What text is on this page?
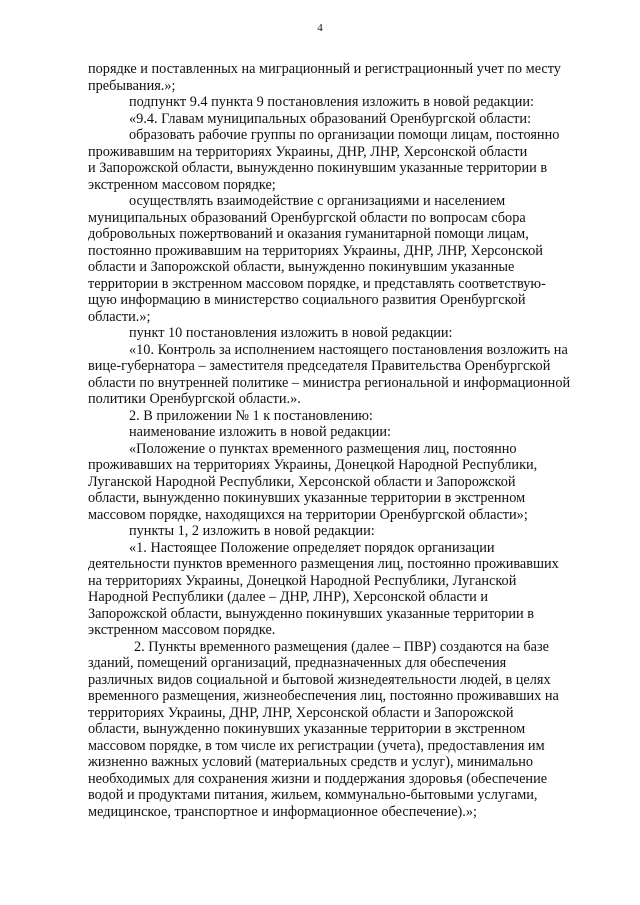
4
порядке и поставленных на миграционный и регистрационный учет по месту
пребывания.»;
подпункт 9.4 пункта 9 постановления изложить в новой редакции:
«9.4. Главам муниципальных образований Оренбургской области:
образовать рабочие группы по организации помощи лицам, постоянно
проживавшим на территориях Украины, ДНР, ЛНР, Херсонской области
и Запорожской области, вынужденно покинувшим указанные территории в
экстренном массовом порядке;
осуществлять взаимодействие с организациями и населением
муниципальных образований Оренбургской области по вопросам сбора
добровольных пожертвований и оказания гуманитарной помощи лицам,
постоянно проживавшим на территориях Украины, ДНР, ЛНР, Херсонской
области и Запорожской области, вынужденно покинувшим указанные
территории в экстренном массовом порядке, и представлять соответствую-
щую информацию в министерство социального развития Оренбургской
области.»;
пункт 10 постановления изложить в новой редакции:
«10. Контроль за исполнением настоящего постановления возложить на
вице-губернатора – заместителя председателя Правительства Оренбургской
области по внутренней политике – министра региональной и информационной
политики Оренбургской области.».
2. В приложении № 1 к постановлению:
наименование изложить в новой редакции:
«Положение о пунктах временного размещения лиц, постоянно
проживавших на территориях Украины, Донецкой Народной Республики,
Луганской Народной Республики, Херсонской области и Запорожской
области, вынужденно покинувших указанные территории в экстренном
массовом порядке, находящихся на территории Оренбургской области»;
пункты 1, 2 изложить в новой редакции:
«1. Настоящее Положение определяет порядок организации
деятельности пунктов временного размещения лиц, постоянно проживавших
на территориях Украины, Донецкой Народной Республики, Луганской
Народной Республики (далее – ДНР, ЛНР), Херсонской области и
Запорожской области, вынужденно покинувших указанные территории в
экстренном массовом порядке.
2. Пункты временного размещения (далее – ПВР) создаются на базе
зданий, помещений организаций, предназначенных для обеспечения
различных видов социальной и бытовой жизнедеятельности людей, в целях
временного размещения, жизнеобеспечения лиц, постоянно проживавших на
территориях Украины, ДНР, ЛНР, Херсонской области и Запорожской
области, вынужденно покинувших указанные территории в экстренном
массовом порядке, в том числе их регистрации (учета), предоставления им
жизненно важных условий (материальных средств и услуг), минимально
необходимых для сохранения жизни и поддержания здоровья (обеспечение
водой и продуктами питания, жильем, коммунально-бытовыми услугами,
медицинское, транспортное и информационное обеспечение).»;
